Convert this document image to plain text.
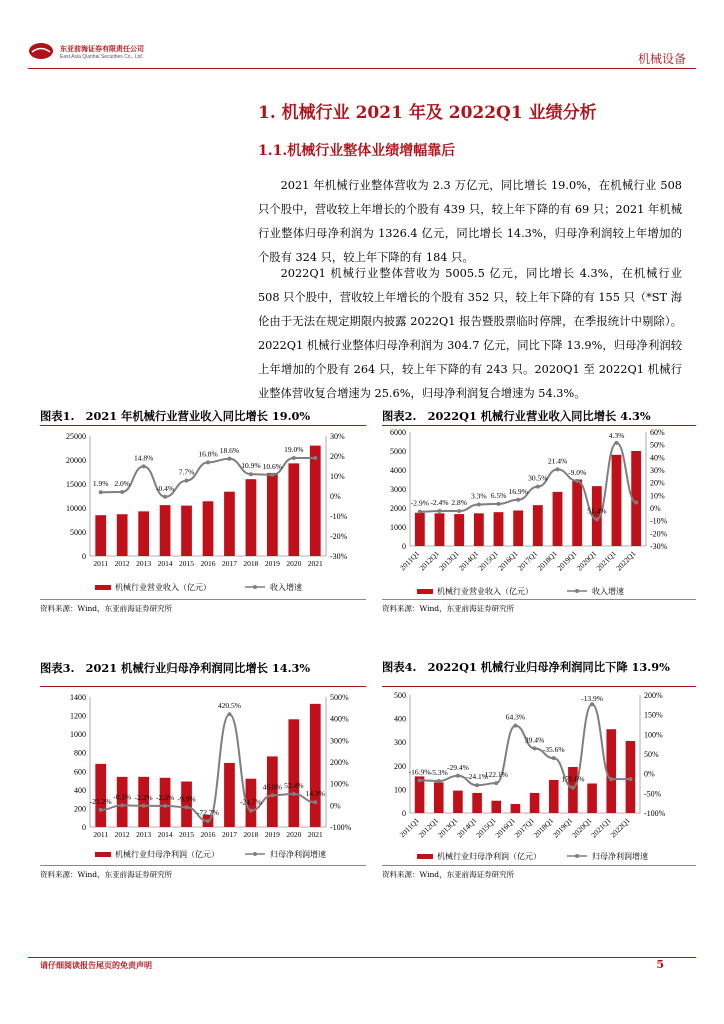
东亚前海证券有限责任公司
East Asia Qianhai Securities Co., Ltd.	机械设备
1. 机械行业 2021 年及 2022Q1 业绩分析
1.1.机械行业整体业绩增幅靠后
2021 年机械行业整体营收为 2.3 万亿元，同比增长 19.0%，在机械行业 508 只个股中，营收较上年增长的个股有 439 只，较上年下降的有 69 只；2021 年机械行业整体归母净利润为 1326.4 亿元，同比增长 14.3%，归母净利润较上年增加的个股有 324 只，较上年下降的有 184 只。
2022Q1 机械行业整体营收为 5005.5 亿元，同比增长 4.3%，在机械行业 508 只个股中，营收较上年增长的个股有 352 只，较上年下降的有 155 只（*ST 海伦由于无法在规定期限内披露 2022Q1 报告暨股票临时停牌，在季报统计中剔除）。2022Q1 机械行业整体归母净利润为 304.7 亿元，同比下降 13.9%，归母净利润较上年增加的个股有 264 只，较上年下降的有 243 只。2020Q1 至 2022Q1 机械行业整体营收复合增速为 25.6%，归母净利润复合增速为 54.3%。
图表1.　2021 年机械行业营业收入同比增长 19.0%
0
5000
10000
15000
20000
25000
-30%
-20%
-10%
0%
10%
20%
30%
1.9% 2.0%
14.8%
-0.4%
7.7%
16.8% 18.6%
10.9% 10.6%
19.0%
2011 2012 2013 2014 2015 2016 2017 2018 2019 2020 2021
机械行业营业收入（亿元）	收入增速
资料来源：Wind，东亚前海证券研究所
图表2.　2022Q1 机械行业营业收入同比增长 4.3%
0
1000
2000
3000
4000
5000
6000
-30%
-20%
-10%
0%
10%
20%
30%
40%
50%
60%
-2.9% -2.4% 2.8%
3.3% 6.5% 16.9%
30.5%
21.4%
-9.0%
51.4%
4.3%
2011Q1
2012Q1
2013Q1
2014Q1
2015Q1
2016Q1
2017Q1
2018Q1
2019Q1
2020Q1
2021Q1
2022Q1
机械行业营业收入（亿元）	收入增速
资料来源：Wind，东亚前海证券研究所
图表3.　2021 机械行业归母净利润同比增长 14.3%
0
200
400
600
800
1000
1200
1400
-100%
0%
100%
200%
300%
400%
500%
-21.2%
-0.1% -2.2% -2.3% -9.0%
-72.7%
420.5%
-24.7%
46.0% 52.4%
14.3%
2011 2012 2013 2014 2015 2016 2017 2018 2019 2020 2021
机械行业归母净利润（亿元）	归母净利润增速
资料来源：Wind，东亚前海证券研究所
图表4.　2022Q1 机械行业归母净利润同比下降 13.9%
0
100
200
300
400
500
-100%
-50%
0%
50%
100%
150%
200%
-16.9% -5.3%
-29.4%
-24.1%
122.1%
64.3%
39.4%
-35.6%
176.6%
-13.9%
2011Q1
2012Q1
2013Q1
2014Q1
2015Q1
2016Q1
2017Q1
2018Q1
2019Q1
2020Q1
2021Q1
2022Q1
机械行业归母净利润（亿元）	归母净利润增速
资料来源：Wind，东亚前海证券研究所
请仔细阅读报告尾页的免责声明	5
